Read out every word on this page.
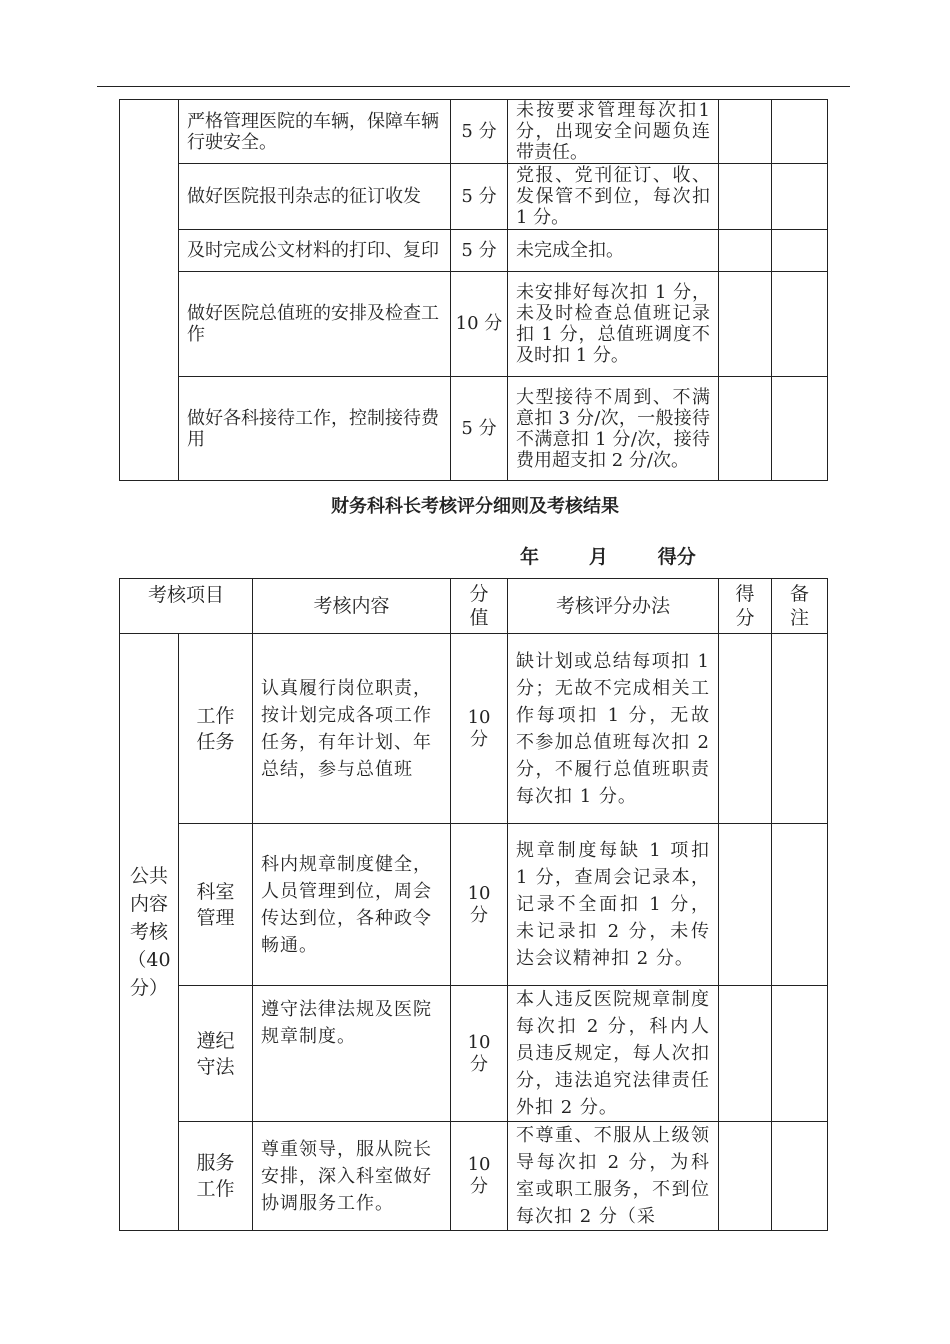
	严格管理医院的车辆，保障车辆行驶安全。	5 分	未按要求管理每次扣1 分，出现安全问题负连带责任。		
	做好医院报刊杂志的征订收发	5 分	党报、党刊征订、收、发保管不到位，每次扣 1 分。		
	及时完成公文材料的打印、复印	5 分	未完成全扣。		
	做好医院总值班的安排及检查工作	10 分	未安排好每次扣 1 分，未及时检查总值班记录扣 1 分，总值班调度不及时扣 1 分。		
	做好各科接待工作，控制接待费用	5 分	大型接待不周到、不满意扣 3 分/次，一般接待不满意扣 1 分/次，接待费用超支扣 2 分/次。		
财务科科长考核评分细则及考核结果
年   月   得分
考核项目		考核内容	分值	考核评分办法	得分	备注
公共内容考核（40分）	工作任务	认真履行岗位职责，按计划完成各项工作任务，有年计划、年总结，参与总值班	10 分	缺计划或总结每项扣 1 分；无故不完成相关工作每项扣 1 分，无故不参加总值班每次扣 2 分，不履行总值班职责每次扣 1 分。		
	科室管理	科内规章制度健全，人员管理到位，周会传达到位，各种政令畅通。	10 分	规章制度每缺 1 项扣 1 分，查周会记录本，记录不全面扣 1 分，未记录扣 2 分，未传达会议精神扣 2 分。		
	遵纪守法	遵守法律法规及医院规章制度。	10 分	本人违反医院规章制度每次扣 2 分，科内人员违反规定，每人次扣分，违法追究法律责任外扣 2 分。		
	服务工作	尊重领导，服从院长安排，深入科室做好协调服务工作。	10 分	不尊重、不服从上级领导每次扣 2 分，为科室或职工服务，不到位每次扣 2 分（采		
